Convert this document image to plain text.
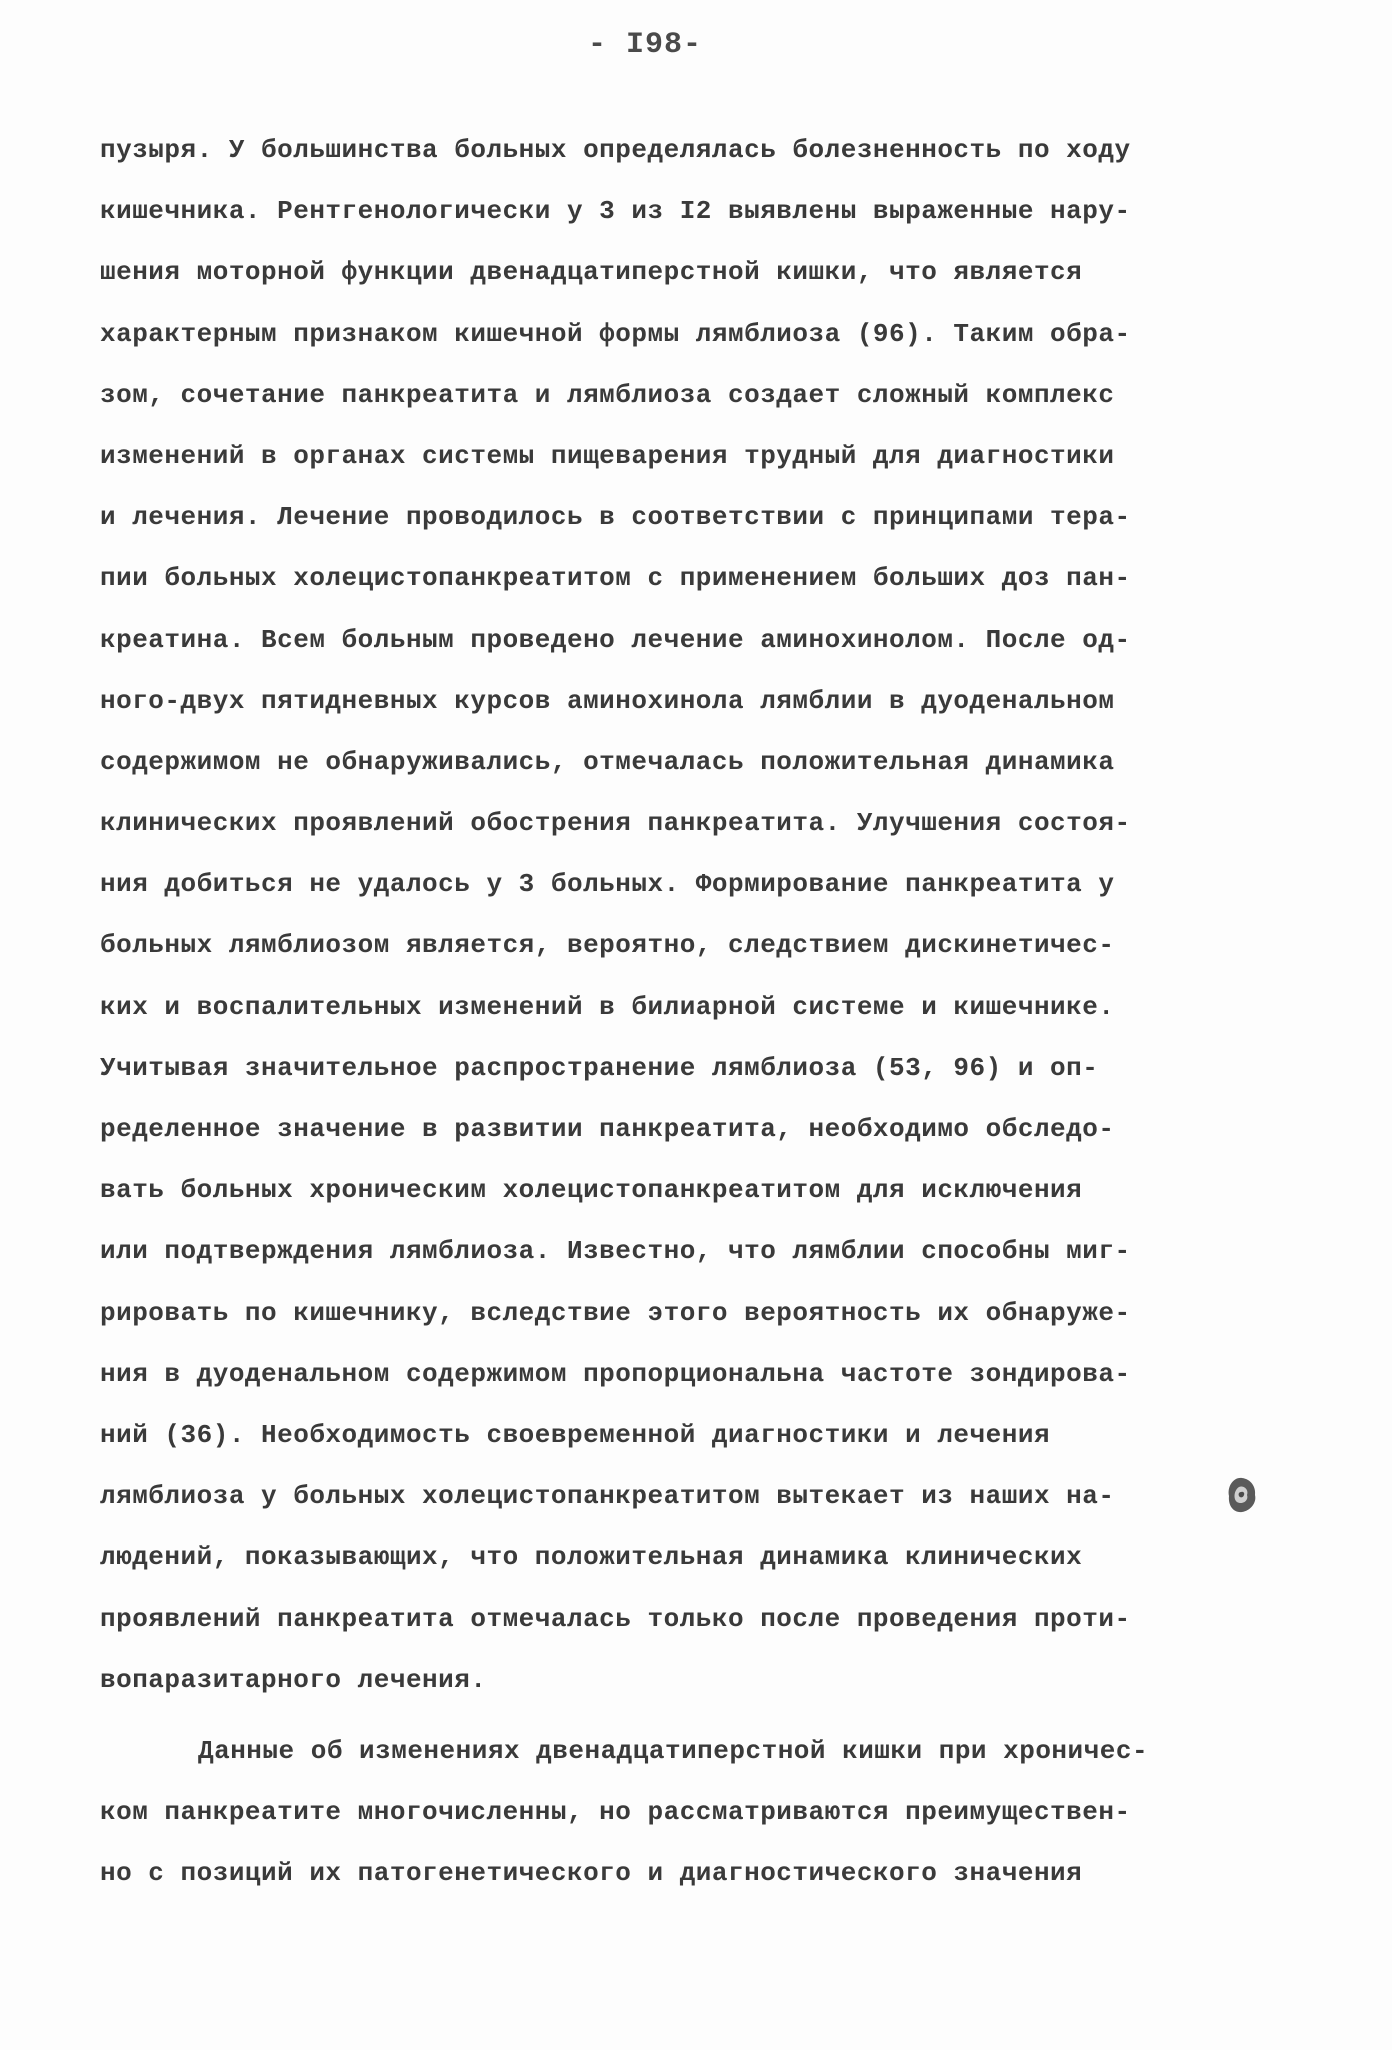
- I98-
пузыря. У большинства больных определялась болезненность по ходу
кишечника. Рентгенологически у 3 из I2 выявлены выраженные нару-
шения моторной функции двенадцатиперстной кишки, что является
характерным признаком кишечной формы лямблиоза (96). Таким обра-
зом, сочетание панкреатита и лямблиоза создает сложный комплекс
изменений в органах системы пищеварения трудный для диагностики
и лечения. Лечение проводилось в соответствии с принципами тера-
пии больных холецистопанкреатитом с применением больших доз пан-
креатина. Всем больным проведено лечение аминохинолом. После од-
ного-двух пятидневных курсов аминохинола лямблии в дуоденальном
содержимом не обнаруживались, отмечалась положительная динамика
клинических проявлений обострения панкреатита. Улучшения состоя-
ния добиться не удалось у 3 больных. Формирование панкреатита у
больных лямблиозом является, вероятно, следствием дискинетичес-
ких и воспалительных изменений в билиарной системе и кишечнике.
Учитывая значительное распространение лямблиоза (53, 96) и оп-
ределенное значение в развитии панкреатита, необходимо обследо-
вать больных хроническим холецистопанкреатитом для исключения
или подтверждения лямблиоза. Известно, что лямблии способны миг-
рировать по кишечнику, вследствие этого вероятность их обнаруже-
ния в дуоденальном содержимом пропорциональна частоте зондирова-
ний (36). Необходимость своевременной диагностики и лечения
лямблиоза у больных холецистопанкреатитом вытекает из наших на-
людений, показывающих, что положительная динамика клинических
проявлений панкреатита отмечалась только после проведения проти-
вопаразитарного лечения.
Данные об изменениях двенадцатиперстной кишки при хроничес-
ком панкреатите многочисленны, но рассматриваются преимуществен-
но с позиций их патогенетического и диагностического значения
